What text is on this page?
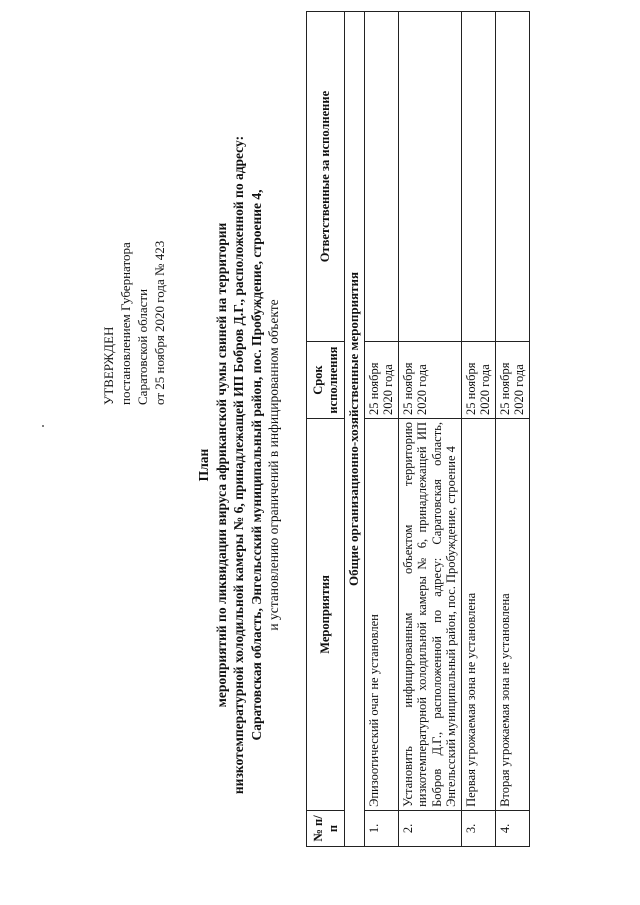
УТВЕРЖДЕН постановлением Губернатора Саратовской области от 25 ноября 2020 года № 423
План мероприятий по ликвидации вируса африканской чумы свиней на территории низкотемпературной холодильной камеры № 6, принадлежащей ИП Бобров Д.Г., расположенной по адресу: Саратовская область, Энгельсский муниципальный район, пос. Пробуждение, строение 4, и установлению ограничений в инфицированном объекте
№ п/п	Мероприятия	Срок исполнения	Ответственные за исполнение
Общие организационно-хозяйственные мероприятия			
1.	Эпизоотический очаг не установлен	25 ноября 2020 года	
2.	Установить инфицированным объектом территорию низкотемпературной холодильной камеры № 6, принадлежащей ИП Бобров Д.Г., расположенной по адресу: Саратовская область, Энгельсский муниципальный район, пос. Пробуждение, строение 4	25 ноября 2020 года	
3.	Первая угрожаемая зона не установлена	25 ноября 2020 года	
4.	Вторая угрожаемая зона не установлена	25 ноября 2020 года	
